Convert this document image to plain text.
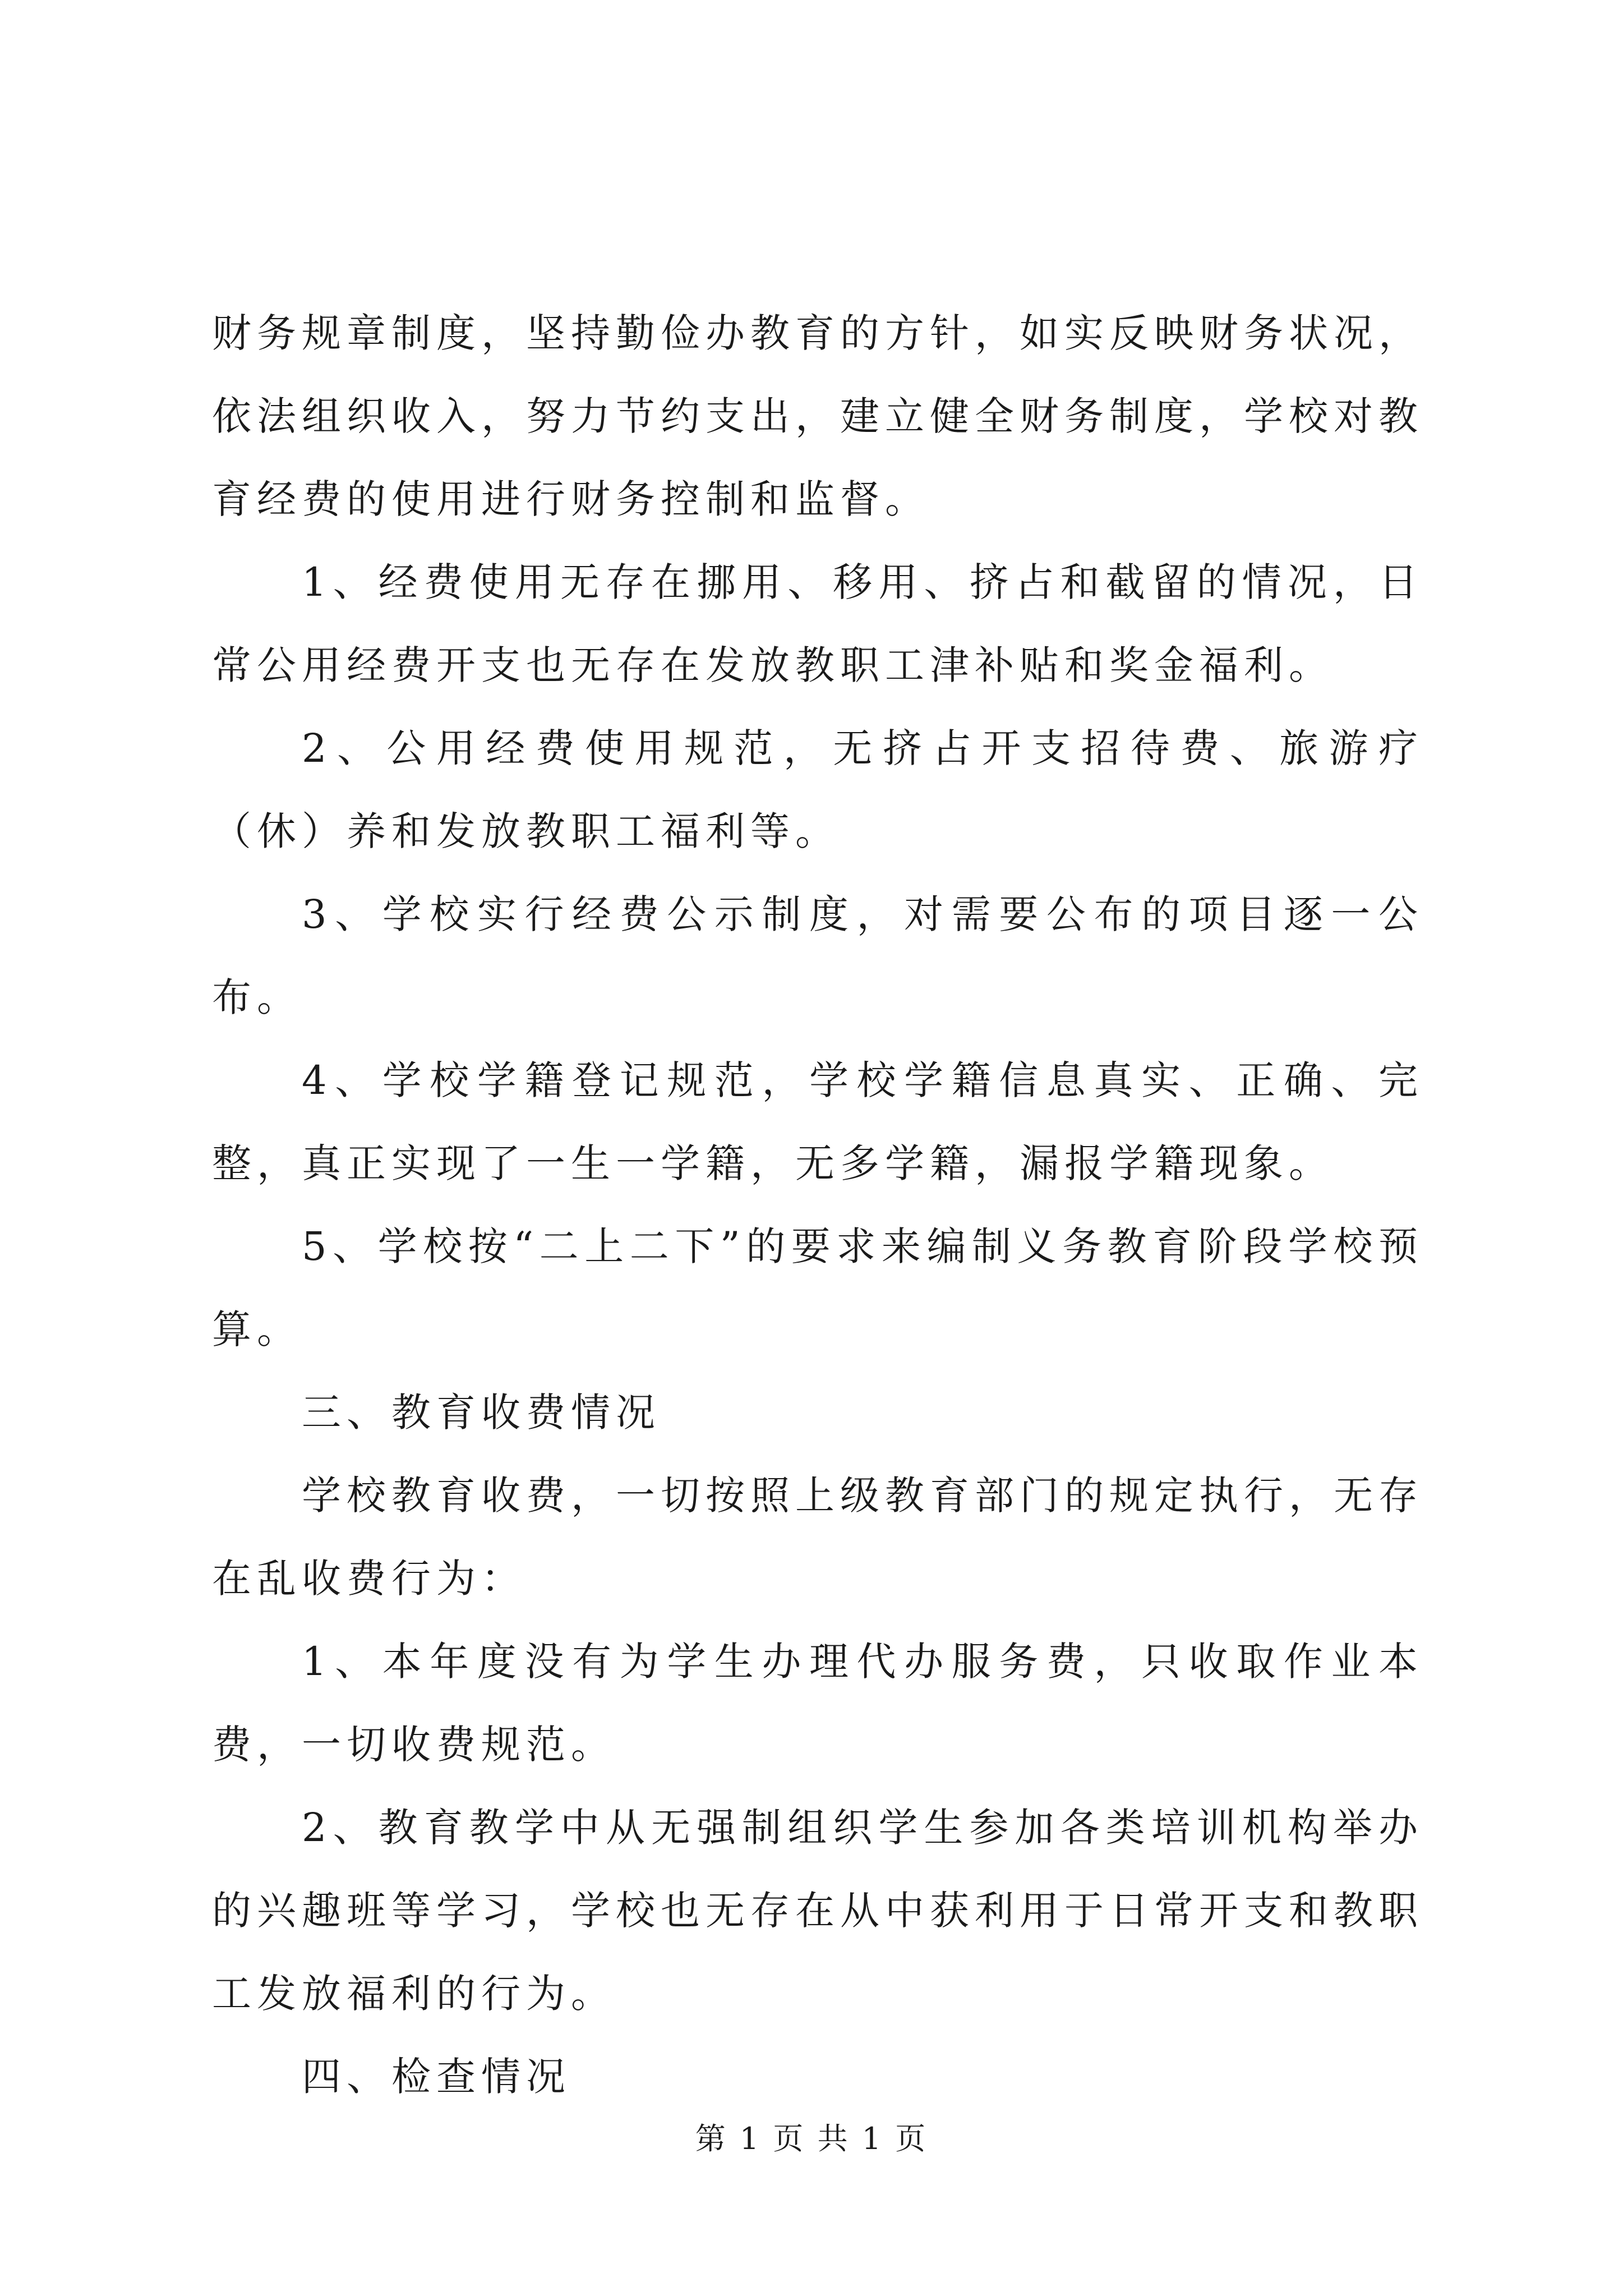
财务规章制度，坚持勤俭办教育的方针，如实反映财务状况，依法组织收入，努力节约支出，建立健全财务制度，学校对教育经费的使用进行财务控制和监督。

1、经费使用无存在挪用、移用、挤占和截留的情况，日常公用经费开支也无存在发放教职工津补贴和奖金福利。

2、公用经费使用规范，无挤占开支招待费、旅游疗（休）养和发放教职工福利等。

3、学校实行经费公示制度，对需要公布的项目逐一公布。

4、学校学籍登记规范，学校学籍信息真实、正确、完整，真正实现了一生一学籍，无多学籍，漏报学籍现象。

5、学校按“二上二下”的要求来编制义务教育阶段学校预算。

三、教育收费情况

学校教育收费，一切按照上级教育部门的规定执行，无存在乱收费行为：

1、本年度没有为学生办理代办服务费，只收取作业本费，一切收费规范。

2、教育教学中从无强制组织学生参加各类培训机构举办的兴趣班等学习，学校也无存在从中获利用于日常开支和教职工发放福利的行为。

四、检查情况

第 1 页 共 1 页
